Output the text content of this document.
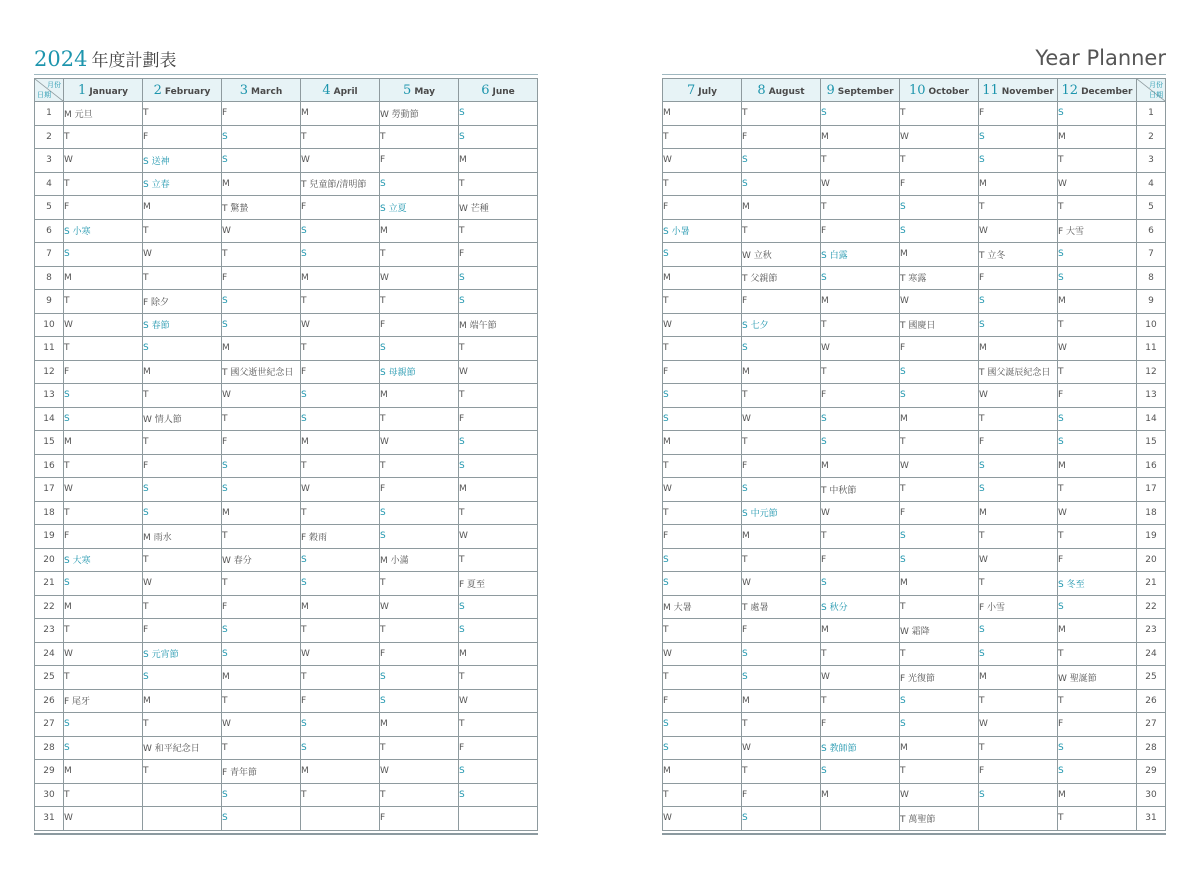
2024 年度計劃表
月份
日期	1 January	2 February	3 March	4 April	5 May	6 June
1	M 元旦	T	F	M	W 勞動節	S
2	T	F	S	T	T	S
3	W	S 送神	S	W	F	M
4	T	S 立春	M	T 兒童節/清明節	S	T
5	F	M	T 驚蟄	F	S 立夏	W 芒種
6	S 小寒	T	W	S	M	T
7	S	W	T	S	T	F
8	M	T	F	M	W	S
9	T	F 除夕	S	T	T	S
10	W	S 春節	S	W	F	M 端午節
11	T	S	M	T	S	T
12	F	M	T 國父逝世紀念日	F	S 母親節	W
13	S	T	W	S	M	T
14	S	W 情人節	T	S	T	F
15	M	T	F	M	W	S
16	T	F	S	T	T	S
17	W	S	S	W	F	M
18	T	S	M	T	S	T
19	F	M 雨水	T	F 穀雨	S	W
20	S 大寒	T	W 春分	S	M 小滿	T
21	S	W	T	S	T	F 夏至
22	M	T	F	M	W	S
23	T	F	S	T	T	S
24	W	S 元宵節	S	W	F	M
25	T	S	M	T	S	T
26	F 尾牙	M	T	F	S	W
27	S	T	W	S	M	T
28	S	W 和平紀念日	T	S	T	F
29	M	T	F 青年節	M	W	S
30	T		S	T	T	S
31	W		S		F	
Year Planner
7 July	8 August	9 September	10 October	11 November	12 December	月份
日期

M	T	S	T	F	S	1
T	F	M	W	S	M	2
W	S	T	T	S	T	3
T	S	W	F	M	W	4
F	M	T	S	T	T	5
S 小暑	T	F	S	W	F 大雪	6
S	W 立秋	S 白露	M	T 立冬	S	7
M	T 父親節	S	T 寒露	F	S	8
T	F	M	W	S	M	9
W	S 七夕	T	T 國慶日	S	T	10
T	S	W	F	M	W	11
F	M	T	S	T 國父誕辰紀念日	T	12
S	T	F	S	W	F	13
S	W	S	M	T	S	14
M	T	S	T	F	S	15
T	F	M	W	S	M	16
W	S	T 中秋節	T	S	T	17
T	S 中元節	W	F	M	W	18
F	M	T	S	T	T	19
S	T	F	S	W	F	20
S	W	S	M	T	S 冬至	21
M 大暑	T 處暑	S 秋分	T	F 小雪	S	22
T	F	M	W 霜降	S	M	23
W	S	T	T	S	T	24
T	S	W	F 光復節	M	W 聖誕節	25
F	M	T	S	T	T	26
S	T	F	S	W	F	27
S	W	S 教師節	M	T	S	28
M	T	S	T	F	S	29
T	F	M	W	S	M	30
W	S		T 萬聖節		T	31
